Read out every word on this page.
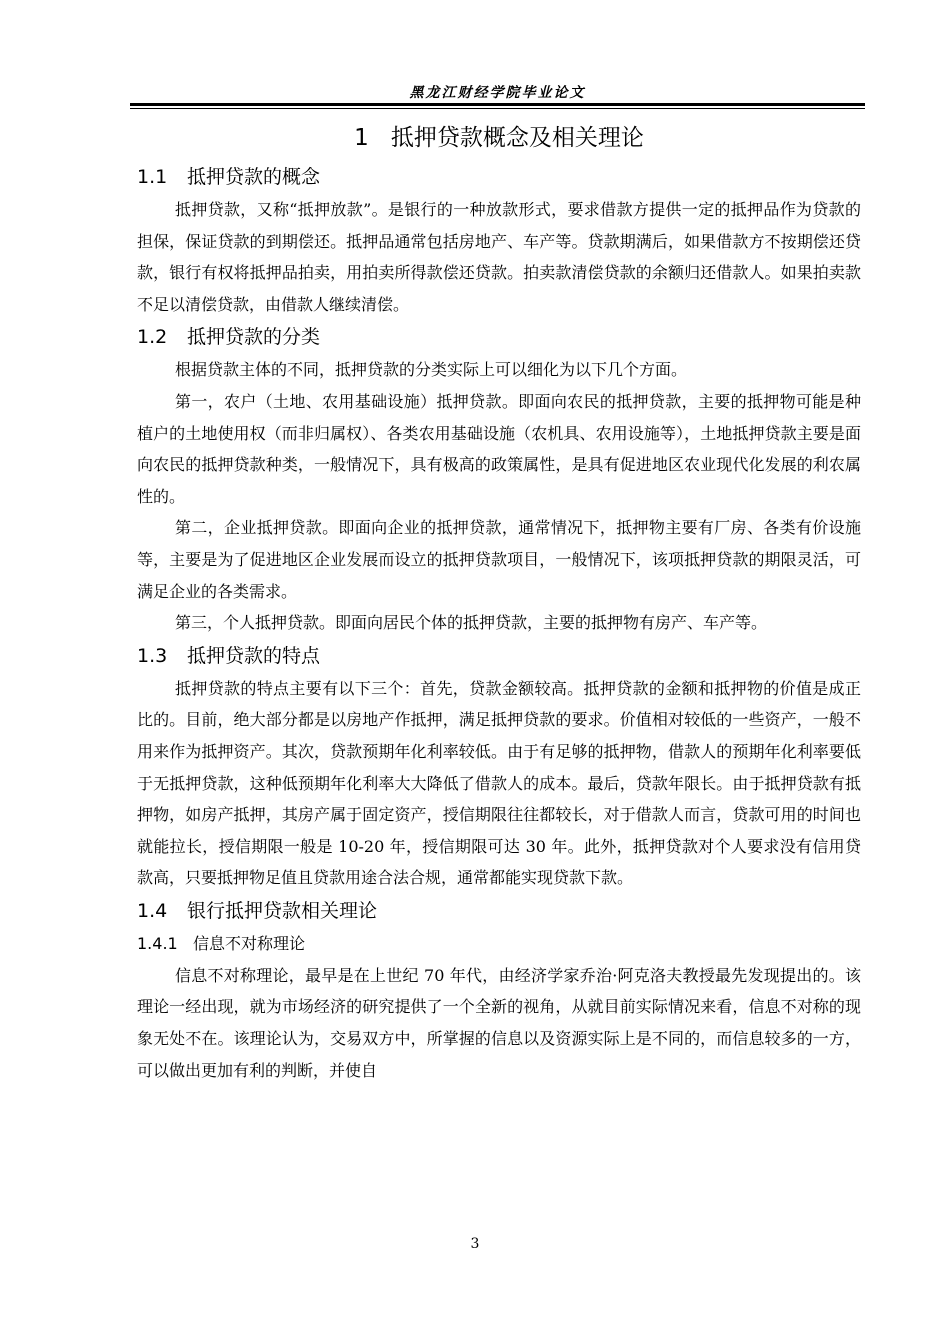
黑龙江财经学院毕业论文
1 抵押贷款概念及相关理论
1.1 抵押贷款的概念

抵押贷款，又称“抵押放款”。是银行的一种放款形式，要求借款方提供一定的抵押品作为贷款的担保，保证贷款的到期偿还。抵押品通常包括房地产、车产等。贷款期满后，如果借款方不按期偿还贷款，银行有权将抵押品拍卖，用拍卖所得款偿还贷款。拍卖款清偿贷款的余额归还借款人。如果拍卖款不足以清偿贷款，由借款人继续清偿。

1.2 抵押贷款的分类

根据贷款主体的不同，抵押贷款的分类实际上可以细化为以下几个方面。

第一，农户（土地、农用基础设施）抵押贷款。即面向农民的抵押贷款，主要的抵押物可能是种植户的土地使用权（而非归属权）、各类农用基础设施（农机具、农用设施等），土地抵押贷款主要是面向农民的抵押贷款种类，一般情况下，具有极高的政策属性，是具有促进地区农业现代化发展的利农属性的。

第二，企业抵押贷款。即面向企业的抵押贷款，通常情况下，抵押物主要有厂房、各类有价设施等，主要是为了促进地区企业发展而设立的抵押贷款项目，一般情况下，该项抵押贷款的期限灵活，可满足企业的各类需求。

第三，个人抵押贷款。即面向居民个体的抵押贷款，主要的抵押物有房产、车产等。

1.3 抵押贷款的特点

抵押贷款的特点主要有以下三个：首先，贷款金额较高。抵押贷款的金额和抵押物的价值是成正比的。目前，绝大部分都是以房地产作抵押，满足抵押贷款的要求。价值相对较低的一些资产，一般不用来作为抵押资产。其次，贷款预期年化利率较低。由于有足够的抵押物，借款人的预期年化利率要低于无抵押贷款，这种低预期年化利率大大降低了借款人的成本。最后，贷款年限长。由于抵押贷款有抵押物，如房产抵押，其房产属于固定资产，授信期限往往都较长，对于借款人而言，贷款可用的时间也就能拉长，授信期限一般是 10-20 年，授信期限可达 30 年。此外，抵押贷款对个人要求没有信用贷款高，只要抵押物足值且贷款用途合法合规，通常都能实现贷款下款。

1.4 银行抵押贷款相关理论
1.4.1 信息不对称理论

信息不对称理论，最早是在上世纪 70 年代，由经济学家乔治·阿克洛夫教授最先发现提出的。该理论一经出现，就为市场经济的研究提供了一个全新的视角，从就目前实际情况来看，信息不对称的现象无处不在。该理论认为，交易双方中，所掌握的信息以及资源实际上是不同的，而信息较多的一方，可以做出更加有利的判断，并使自

3
